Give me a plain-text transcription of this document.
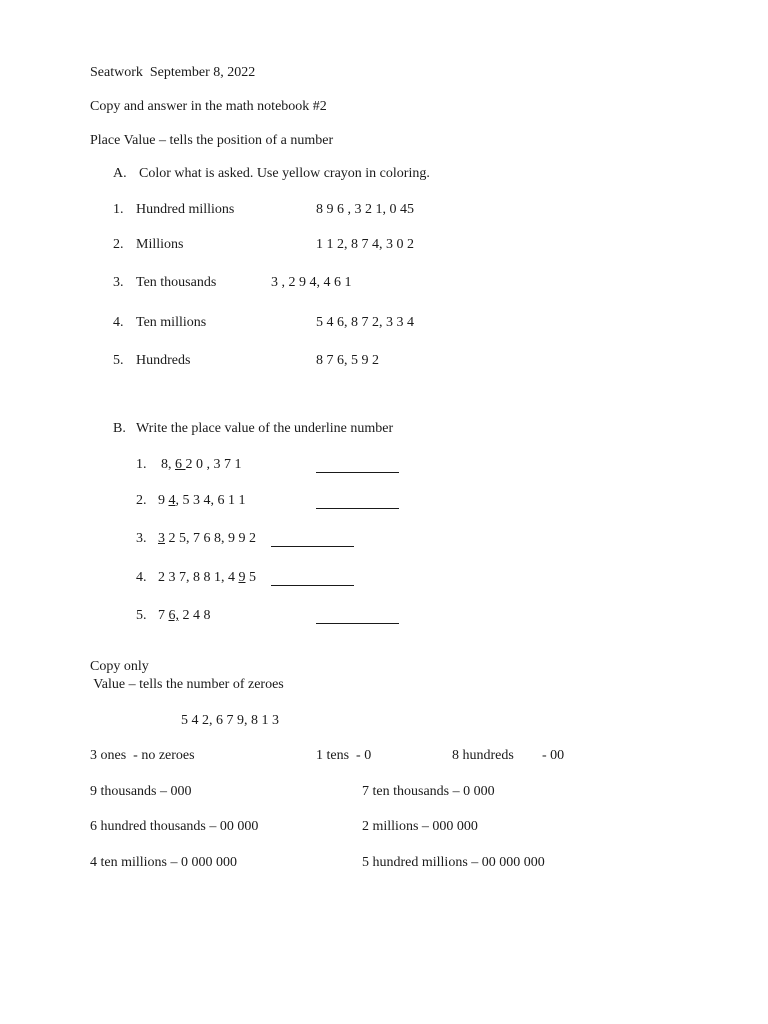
Seatwork  September 8, 2022
Copy and answer in the math notebook #2
Place Value – tells the position of a number
A. Color what is asked. Use yellow crayon in coloring.
1. Hundred millions	8 9 6 , 3 2 1, 0 45
2. Millions	1 1 2, 8 7 4, 3 0 2
3. Ten thousands	3 , 2 9 4, 4 6 1
4. Ten millions	5 4 6, 8 7 2, 3 3 4
5. Hundreds	8 7 6, 5 9 2
B. Write the place value of the underline number
1. 8, 6 2 0 , 3 7 1
2. 9 4, 5 3 4, 6 1 1
3. 3 2 5, 7 6 8, 9 9 2
4. 2 3 7, 8 8 1, 4 9 5
5. 7 6, 2 4 8
Copy only
Value – tells the number of zeroes
5 4 2, 6 7 9, 8 1 3
3 ones  - no zeroes	1 tens  - 0	8 hundreds - 00
9 thousands – 000	7 ten thousands – 0 000
6 hundred thousands – 00 000	2 millions – 000 000
4 ten millions – 0 000 000	5 hundred millions – 00 000 000
